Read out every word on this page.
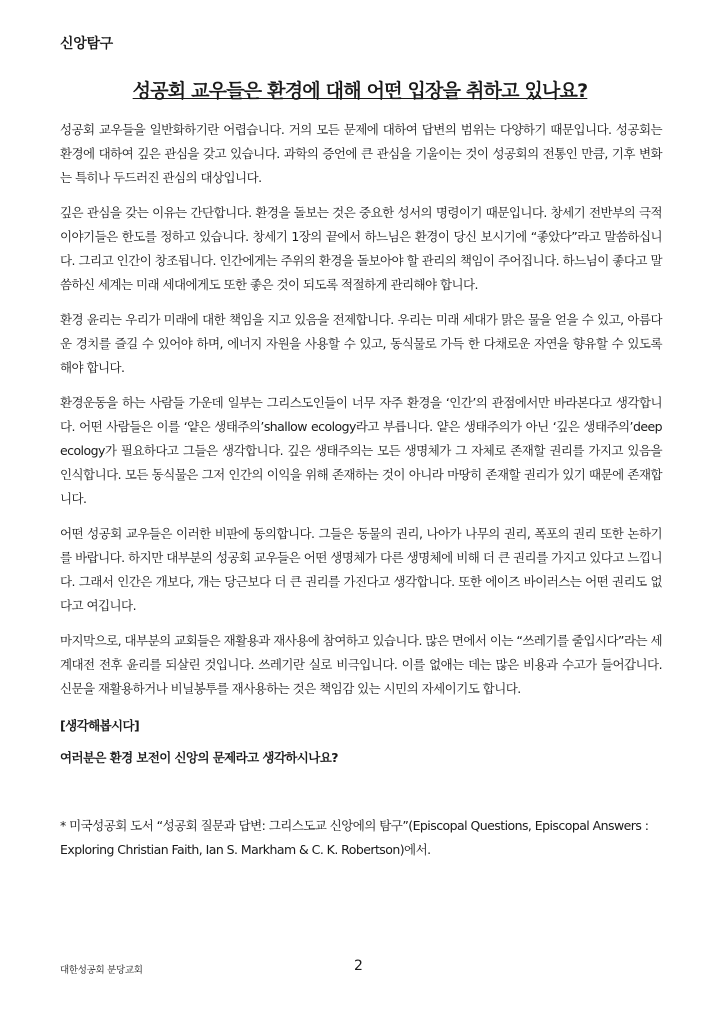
신앙탐구
성공회 교우들은 환경에 대해 어떤 입장을 취하고 있나요?

성공회 교우들을 일반화하기란 어렵습니다. 거의 모든 문제에 대하여 답변의 범위는 다양하기 때문입니다. 성공회는 환경에 대하여 깊은 관심을 갖고 있습니다. 과학의 증언에 큰 관심을 기울이는 것이 성공회의 전통인 만큼, 기후 변화는 특히나 두드러진 관심의 대상입니다.

깊은 관심을 갖는 이유는 간단합니다. 환경을 돌보는 것은 중요한 성서의 명령이기 때문입니다. 창세기 전반부의 극적 이야기들은 한도를 정하고 있습니다. 창세기 1장의 끝에서 하느님은 환경이 당신 보시기에 “좋았다”라고 말씀하십니다. 그리고 인간이 창조됩니다. 인간에게는 주위의 환경을 돌보아야 할 관리의 책임이 주어집니다. 하느님이 좋다고 말씀하신 세계는 미래 세대에게도 또한 좋은 것이 되도록 적절하게 관리해야 합니다.

환경 윤리는 우리가 미래에 대한 책임을 지고 있음을 전제합니다. 우리는 미래 세대가 맑은 물을 얻을 수 있고, 아름다운 경치를 즐길 수 있어야 하며, 에너지 자원을 사용할 수 있고, 동식물로 가득 한 다채로운 자연을 향유할 수 있도록 해야 합니다.

환경운동을 하는 사람들 가운데 일부는 그리스도인들이 너무 자주 환경을 ‘인간’의 관점에서만 바라본다고 생각합니다. 어떤 사람들은 이를 ‘얕은 생태주의’shallow ecology라고 부릅니다. 얕은 생태주의가 아닌 ‘깊은 생태주의’deep ecology가 필요하다고 그들은 생각합니다. 깊은 생태주의는 모든 생명체가 그 자체로 존재할 권리를 가지고 있음을 인식합니다. 모든 동식물은 그저 인간의 이익을 위해 존재하는 것이 아니라 마땅히 존재할 권리가 있기 때문에 존재합니다.

어떤 성공회 교우들은 이러한 비판에 동의합니다. 그들은 동물의 권리, 나아가 나무의 권리, 폭포의 권리 또한 논하기를 바랍니다. 하지만 대부분의 성공회 교우들은 어떤 생명체가 다른 생명체에 비해 더 큰 권리를 가지고 있다고 느낍니다. 그래서 인간은 개보다, 개는 당근보다 더 큰 권리를 가진다고 생각합니다. 또한 에이즈 바이러스는 어떤 권리도 없다고 여깁니다.

마지막으로, 대부분의 교회들은 재활용과 재사용에 참여하고 있습니다. 많은 면에서 이는 “쓰레기를 줄입시다”라는 세계대전 전후 윤리를 되살린 것입니다. 쓰레기란 실로 비극입니다. 이를 없애는 데는 많은 비용과 수고가 들어갑니다. 신문을 재활용하거나 비닐봉투를 재사용하는 것은 책임감 있는 시민의 자세이기도 합니다.

[생각해봅시다]
여러분은 환경 보전이 신앙의 문제라고 생각하시나요?
* 미국성공회 도서 “성공회 질문과 답변: 그리스도교 신앙에의 탐구”(Episcopal Questions, Episcopal Answers : Exploring Christian Faith, Ian S. Markham & C. K. Robertson)에서.
대한성공회 분당교회	2
